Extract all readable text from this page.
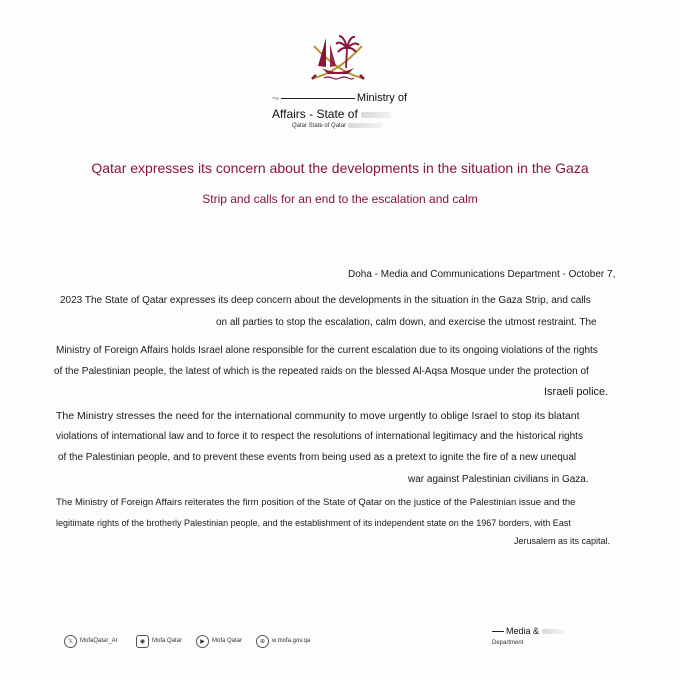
The	Ministry of
Affairs - State of
Qatar State of Qatar
Qatar expresses its concern about the developments in the situation in the Gaza
Strip and calls for an end to the escalation and calm
Doha - Media and Communications Department - October 7,
2023 The State of Qatar expresses its deep concern about the developments in the situation in the Gaza Strip, and calls
on all parties to stop the escalation, calm down, and exercise the utmost restraint. The
Ministry of Foreign Affairs holds Israel alone responsible for the current escalation due to its ongoing violations of the rights
of the Palestinian people, the latest of which is the repeated raids on the blessed Al-Aqsa Mosque under the protection of
Israeli police.
The Ministry stresses the need for the international community to move urgently to oblige Israel to stop its blatant
violations of international law and to force it to respect the resolutions of international legitimacy and the historical rights
of the Palestinian people, and to prevent these events from being used as a pretext to ignite the fire of a new unequal
war against Palestinian civilians in Gaza.
The Ministry of Foreign Affairs reiterates the firm position of the State of Qatar on the justice of the Palestinian issue and the
legitimate rights of the brotherly Palestinian people, and the establishment of its independent state on the 1967 borders, with East
Jerusalem as its capital.
𝕏	MofaQatar_Ar	◉	Mofa.Qatar	▶	Mofa Qatar	⊕	w.mofa.gov.qa
Media &
Department
